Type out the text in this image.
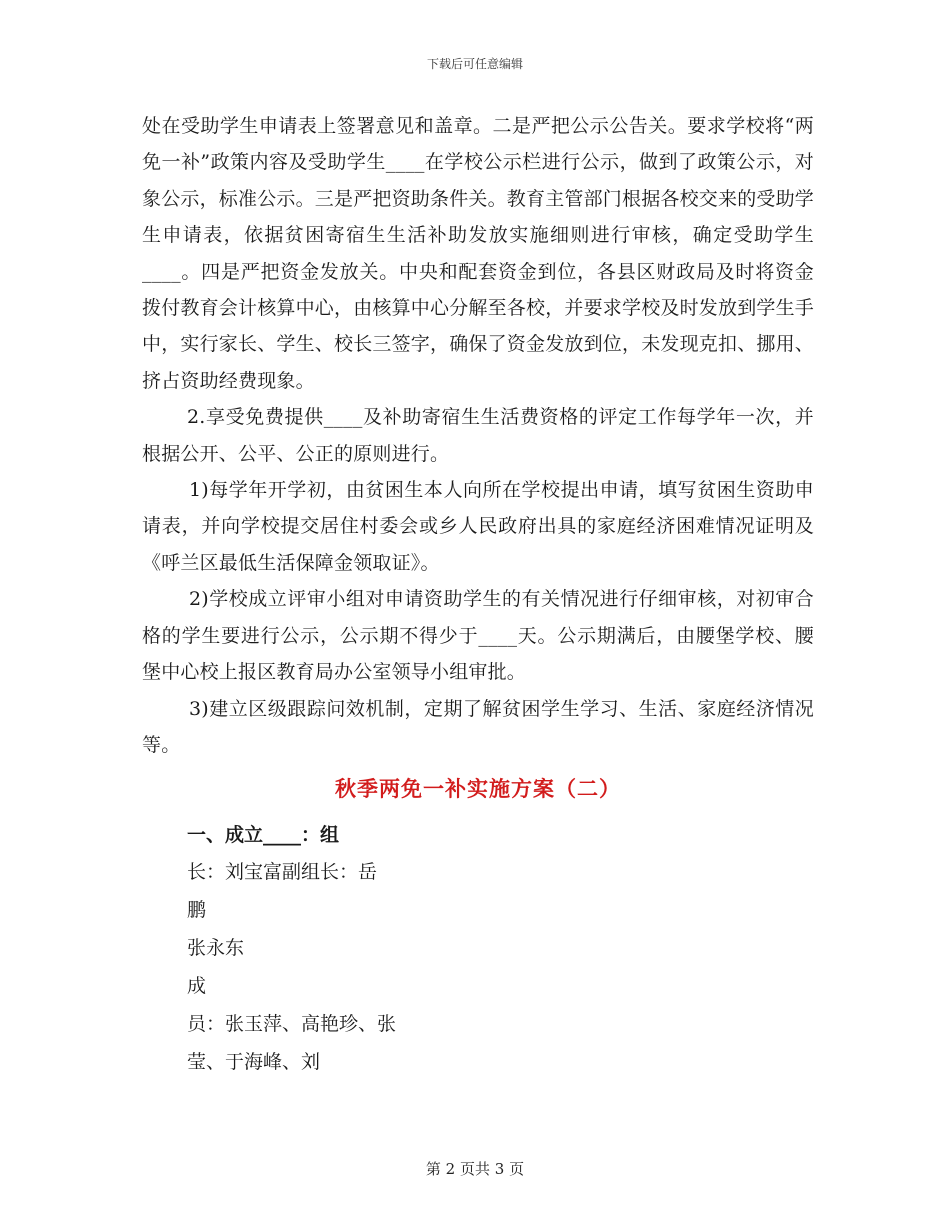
下载后可任意编辑

处在受助学生申请表上签署意见和盖章。二是严把公示公告关。要求学校将“两免一补”政策内容及受助学生____在学校公示栏进行公示，做到了政策公示，对象公示，标准公示。三是严把资助条件关。教育主管部门根据各校交来的受助学生申请表，依据贫困寄宿生生活补助发放实施细则进行审核，确定受助学生____。四是严把资金发放关。中央和配套资金到位，各县区财政局及时将资金拨付教育会计核算中心，由核算中心分解至各校，并要求学校及时发放到学生手中，实行家长、学生、校长三签字，确保了资金发放到位，未发现克扣、挪用、挤占资助经费现象。

2.享受免费提供____及补助寄宿生生活费资格的评定工作每学年一次，并根据公开、公平、公正的原则进行。

1)每学年开学初，由贫困生本人向所在学校提出申请，填写贫困生资助申请表，并向学校提交居住村委会或乡人民政府出具的家庭经济困难情况证明及《呼兰区最低生活保障金领取证》。

2)学校成立评审小组对申请资助学生的有关情况进行仔细审核，对初审合格的学生要进行公示，公示期不得少于____天。公示期满后，由腰堡学校、腰堡中心校上报区教育局办公室领导小组审批。

3)建立区级跟踪问效机制，定期了解贫困学生学习、生活、家庭经济情况等。

秋季两免一补实施方案（二）

一、成立____：组

长：刘宝富副组长：岳

鹏

张永东

成

员：张玉萍、高艳珍、张

莹、于海峰、刘

第 2 页共 3 页
